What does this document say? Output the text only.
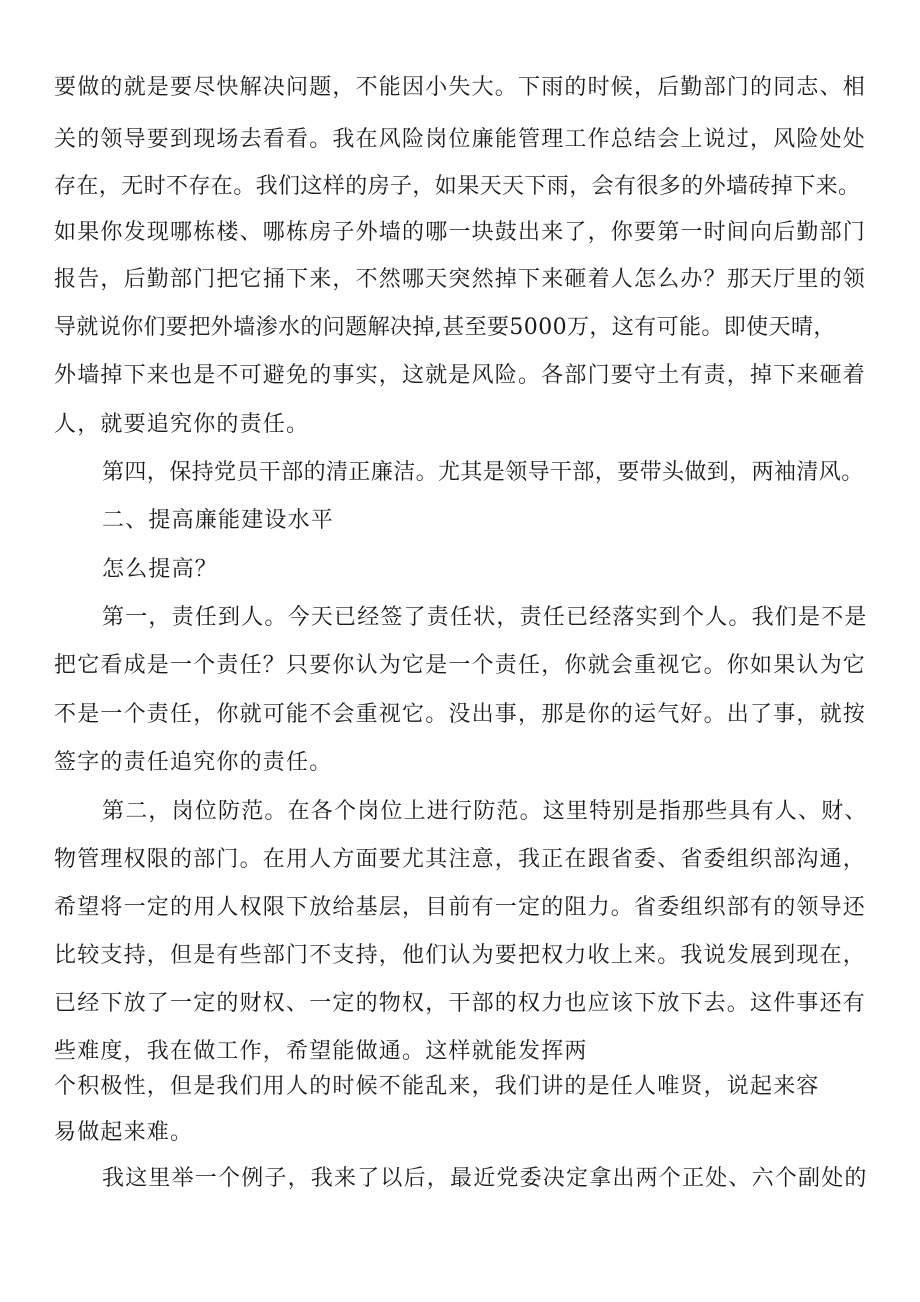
要做的就是要尽快解决问题，不能因小失大。下雨的时候，后勤部门的同志、相
关的领导要到现场去看看。我在风险岗位廉能管理工作总结会上说过，风险处处
存在，无时不存在。我们这样的房子，如果天天下雨，会有很多的外墙砖掉下来。
如果你发现哪栋楼、哪栋房子外墙的哪一块鼓出来了，你要第一时间向后勤部门
报告，后勤部门把它捅下来，不然哪天突然掉下来砸着人怎么办？那天厅里的领
导就说你们要把外墙渗水的问题解决掉,甚至要5000万，这有可能。即使天晴，
外墙掉下来也是不可避免的事实，这就是风险。各部门要守土有责，掉下来砸着
人，就要追究你的责任。
第四，保持党员干部的清正廉洁。尤其是领导干部，要带头做到，两袖清风。
二、提高廉能建设水平
怎么提高？
第一，责任到人。今天已经签了责任状，责任已经落实到个人。我们是不是
把它看成是一个责任？只要你认为它是一个责任，你就会重视它。你如果认为它
不是一个责任，你就可能不会重视它。没出事，那是你的运气好。出了事，就按
签字的责任追究你的责任。
第二，岗位防范。在各个岗位上进行防范。这里特别是指那些具有人、财、
物管理权限的部门。在用人方面要尤其注意，我正在跟省委、省委组织部沟通，
希望将一定的用人权限下放给基层，目前有一定的阻力。省委组织部有的领导还
比较支持，但是有些部门不支持，他们认为要把权力收上来。我说发展到现在，
已经下放了一定的财权、一定的物权，干部的权力也应该下放下去。这件事还有
些难度，我在做工作，希望能做通。这样就能发挥两
个积极性，但是我们用人的时候不能乱来，我们讲的是任人唯贤，说起来容
易做起来难。
我这里举一个例子，我来了以后，最近党委决定拿出两个正处、六个副处的
